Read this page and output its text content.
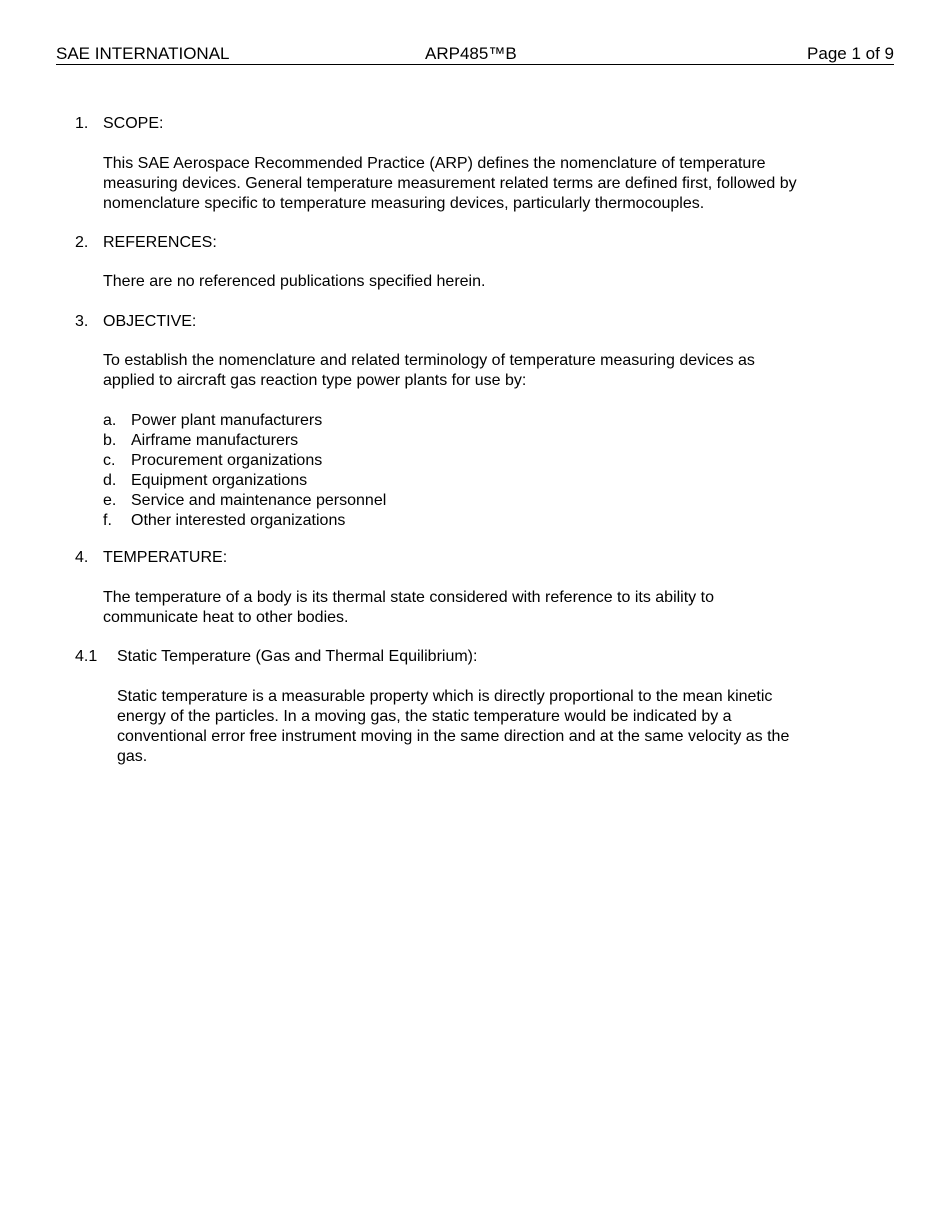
SAE INTERNATIONAL	ARP485™B	Page 1 of 9
1. SCOPE:
This SAE Aerospace Recommended Practice (ARP) defines the nomenclature of temperature
measuring devices. General temperature measurement related terms are defined first, followed by
nomenclature specific to temperature measuring devices, particularly thermocouples.
2. REFERENCES:
There are no referenced publications specified herein.
3. OBJECTIVE:
To establish the nomenclature and related terminology of temperature measuring devices as
applied to aircraft gas reaction type power plants for use by:
a. Power plant manufacturers
b. Airframe manufacturers
c. Procurement organizations
d. Equipment organizations
e. Service and maintenance personnel
f. Other interested organizations
4. TEMPERATURE:
The temperature of a body is its thermal state considered with reference to its ability to
communicate heat to other bodies.
4.1 Static Temperature (Gas and Thermal Equilibrium):
Static temperature is a measurable property which is directly proportional to the mean kinetic
energy of the particles. In a moving gas, the static temperature would be indicated by a
conventional error free instrument moving in the same direction and at the same velocity as the
gas.
